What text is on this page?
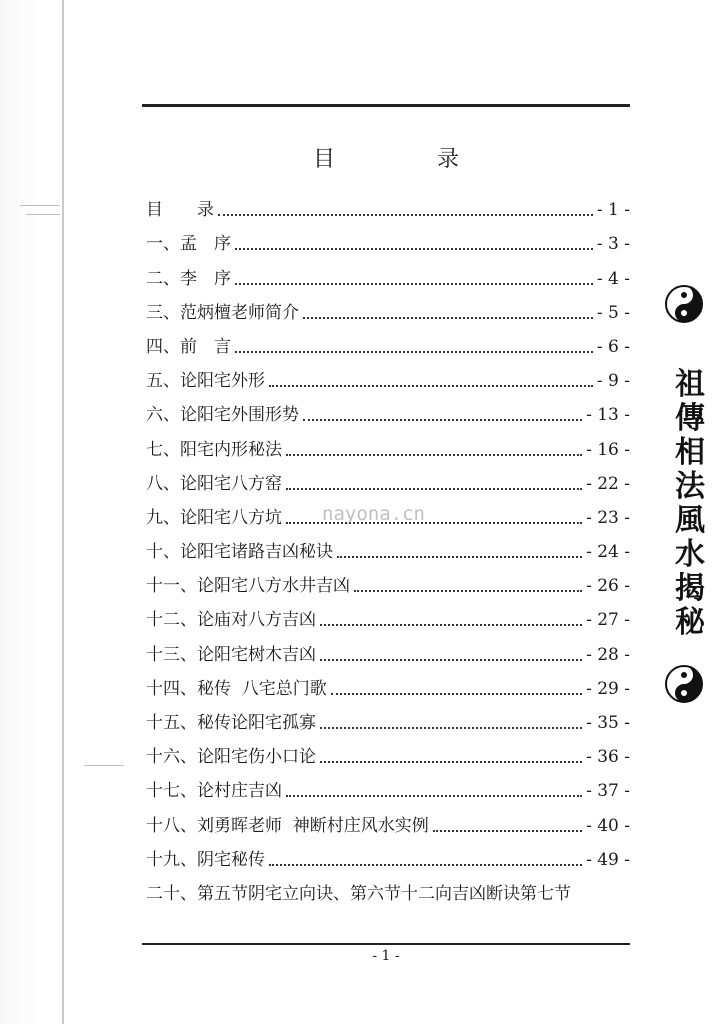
目　录
目　　录	- 1 -
一、孟　序	- 3 -
二、李　序	- 4 -
三、范炳檀老师简介	- 5 -
四、前　言	- 6 -
五、论阳宅外形	- 9 -
六、论阳宅外围形势	- 13 -
七、阳宅内形秘法	- 16 -
八、论阳宅八方窑	- 22 -
九、论阳宅八方坑	- 23 -
十、论阳宅诸路吉凶秘诀	- 24 -
十一、论阳宅八方水井吉凶	- 26 -
十二、论庙对八方吉凶	- 27 -
十三、论阳宅树木吉凶	- 28 -
十四、秘传  八宅总门歌	- 29 -
十五、秘传论阳宅孤寡	- 35 -
十六、论阳宅伤小口论	- 36 -
十七、论村庄吉凶	- 37 -
十八、刘勇晖老师  神断村庄风水实例	- 40 -
十九、阴宅秘传	- 49 -
二十、第五节阴宅立向诀、第六节十二向吉凶断诀第七节
- 1 -
nayona.cn
祖
傳
相
法
風
水
揭
秘
